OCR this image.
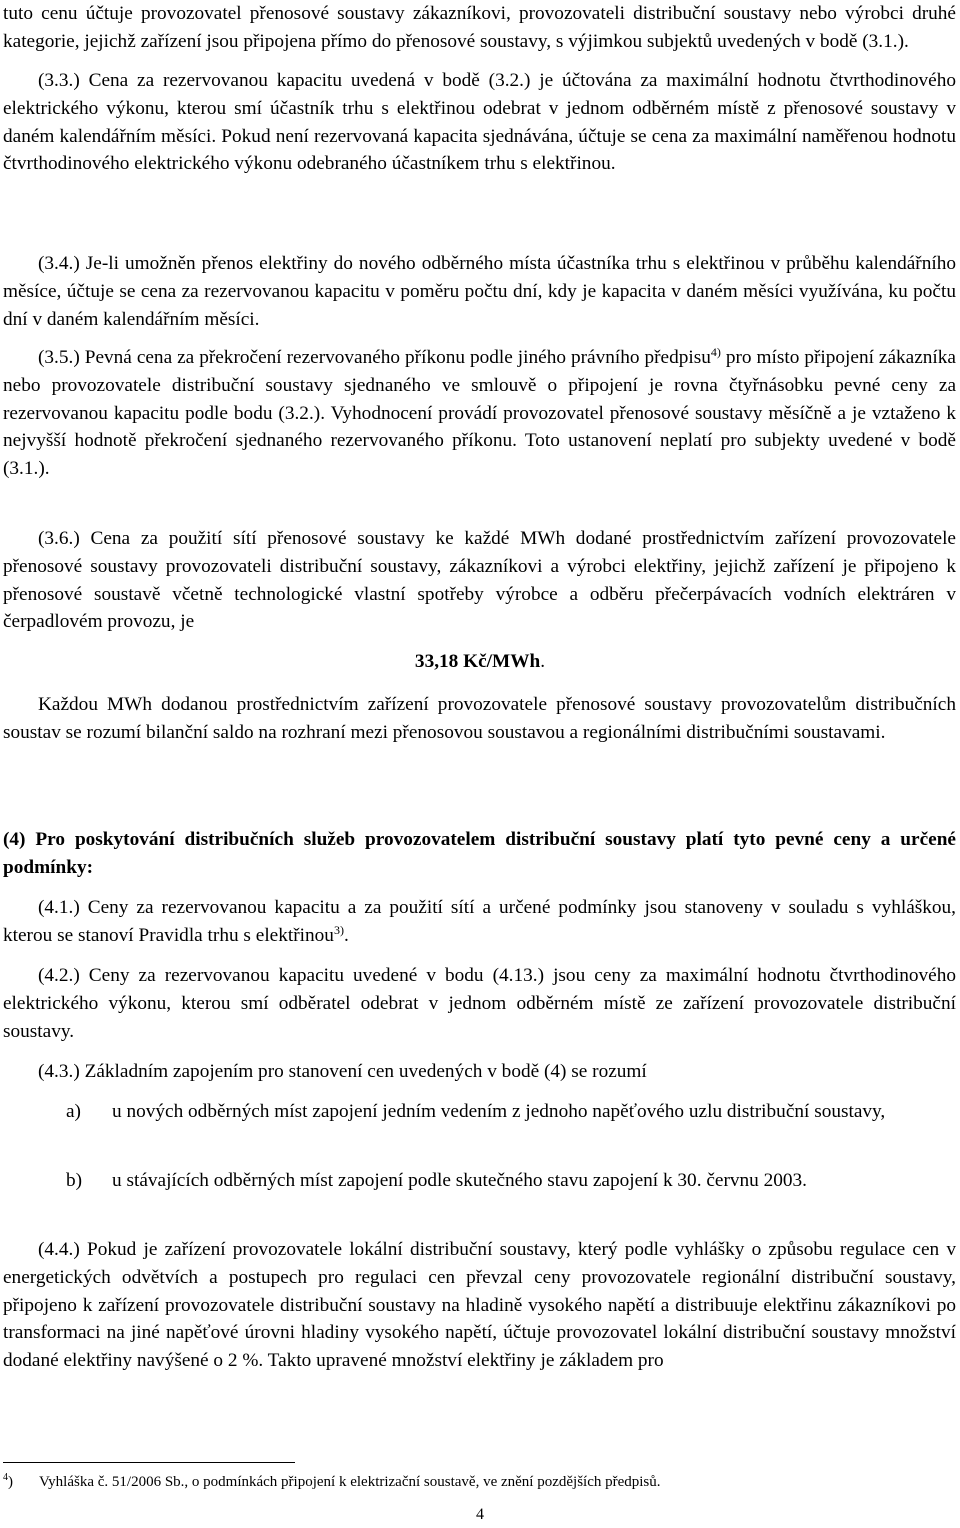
tuto cenu účtuje provozovatel přenosové soustavy zákazníkovi, provozovateli distribuční soustavy nebo výrobci druhé kategorie, jejichž zařízení jsou připojena přímo do přenosové soustavy, s výjimkou subjektů uvedených v bodě (3.1.).

(3.3.) Cena za rezervovanou kapacitu uvedená v bodě (3.2.) je účtována za maximální hodnotu čtvrthodinového elektrického výkonu, kterou smí účastník trhu s elektřinou odebrat v jednom odběrném místě z přenosové soustavy v daném kalendářním měsíci. Pokud není rezervovaná kapacita sjednávána, účtuje se cena za maximální naměřenou hodnotu čtvrthodinového elektrického výkonu odebraného účastníkem trhu s elektřinou.

(3.4.) Je-li umožněn přenos elektřiny do nového odběrného místa účastníka trhu s elektřinou v průběhu kalendářního měsíce, účtuje se cena za rezervovanou kapacitu v poměru počtu dní, kdy je kapacita v daném měsíci využívána, ku počtu dní v daném kalendářním měsíci.

(3.5.) Pevná cena za překročení rezervovaného příkonu podle jiného právního předpisu$^{4)}$ pro místo připojení zákazníka nebo provozovatele distribuční soustavy sjednaného ve smlouvě o připojení je rovna čtyřnásobku pevné ceny za rezervovanou kapacitu podle bodu (3.2.). Vyhodnocení provádí provozovatel přenosové soustavy měsíčně a je vztaženo k nejvyšší hodnotě překročení sjednaného rezervovaného příkonu. Toto ustanovení neplatí pro subjekty uvedené v bodě (3.1.).

(3.6.) Cena za použití sítí přenosové soustavy ke každé MWh dodané prostřednictvím zařízení provozovatele přenosové soustavy provozovateli distribuční soustavy, zákazníkovi a výrobci elektřiny, jejichž zařízení je připojeno k přenosové soustavě včetně technologické vlastní spotřeby výrobce a odběru přečerpávacích vodních elektráren v čerpadlovém provozu, je

33,18 Kč/MWh.

Každou MWh dodanou prostřednictvím zařízení provozovatele přenosové soustavy provozovatelům distribučních soustav se rozumí bilanční saldo na rozhraní mezi přenosovou soustavou a regionálními distribučními soustavami.

(4) Pro poskytování distribučních služeb provozovatelem distribuční soustavy platí tyto pevné ceny a určené podmínky:

(4.1.) Ceny za rezervovanou kapacitu a za použití sítí a určené podmínky jsou stanoveny v souladu s vyhláškou, kterou se stanoví Pravidla trhu s elektřinou$^{3)}$.

(4.2.) Ceny za rezervovanou kapacitu uvedené v bodu (4.13.) jsou ceny za maximální hodnotu čtvrthodinového elektrického výkonu, kterou smí odběratel odebrat v jednom odběrném místě ze zařízení provozovatele distribuční soustavy.

(4.3.) Základním zapojením pro stanovení cen uvedených v bodě (4) se rozumí

a) u nových odběrných míst zapojení jedním vedením z jednoho napěťového uzlu distribuční soustavy,

b) u stávajících odběrných míst zapojení podle skutečného stavu zapojení k 30. červnu 2003.

(4.4.) Pokud je zařízení provozovatele lokální distribuční soustavy, který podle vyhlášky o způsobu regulace cen v energetických odvětvích a postupech pro regulaci cen převzal ceny provozovatele regionální distribuční soustavy, připojeno k zařízení provozovatele distribuční soustavy na hladině vysokého napětí a distribuuje elektřinu zákazníkovi po transformaci na jiné napěťové úrovni hladiny vysokého napětí, účtuje provozovatel lokální distribuční soustavy množství dodané elektřiny navýšené o 2 %. Takto upravené množství elektřiny je základem pro

$^4$) Vyhláška č. 51/2006 Sb., o podmínkách připojení k elektrizační soustavě, ve znění pozdějších předpisů.
4
